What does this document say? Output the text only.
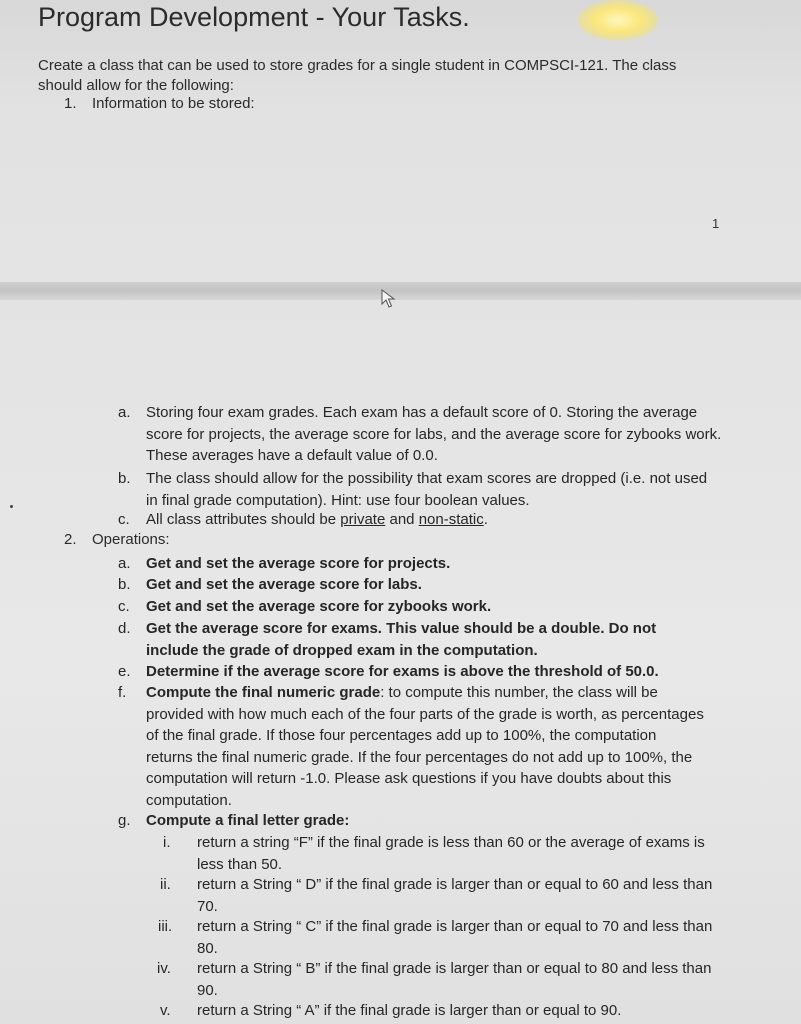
Program Development - Your Tasks.
Create a class that can be used to store grades for a single student in COMPSCI-121. The class should allow for the following:
1. Information to be stored:
1
a. Storing four exam grades. Each exam has a default score of 0. Storing the average score for projects, the average score for labs, and the average score for zybooks work. These averages have a default value of 0.0.
b. The class should allow for the possibility that exam scores are dropped (i.e. not used in final grade computation). Hint: use four boolean values.
c. All class attributes should be private and non-static.
2. Operations:
a. Get and set the average score for projects.
b. Get and set the average score for labs.
c. Get and set the average score for zybooks work.
d. Get the average score for exams. This value should be a double. Do not include the grade of dropped exam in the computation.
e. Determine if the average score for exams is above the threshold of 50.0.
f. Compute the final numeric grade: to compute this number, the class will be provided with how much each of the four parts of the grade is worth, as percentages of the final grade. If those four percentages add up to 100%, the computation returns the final numeric grade. If the four percentages do not add up to 100%, the computation will return -1.0. Please ask questions if you have doubts about this computation.
g. Compute a final letter grade:
i. return a string “F” if the final grade is less than 60 or the average of exams is less than 50.
ii. return a String “ D” if the final grade is larger than or equal to 60 and less than 70.
iii. return a String “ C” if the final grade is larger than or equal to 70 and less than 80.
iv. return a String “ B” if the final grade is larger than or equal to 80 and less than 90.
v. return a String “ A” if the final grade is larger than or equal to 90.
